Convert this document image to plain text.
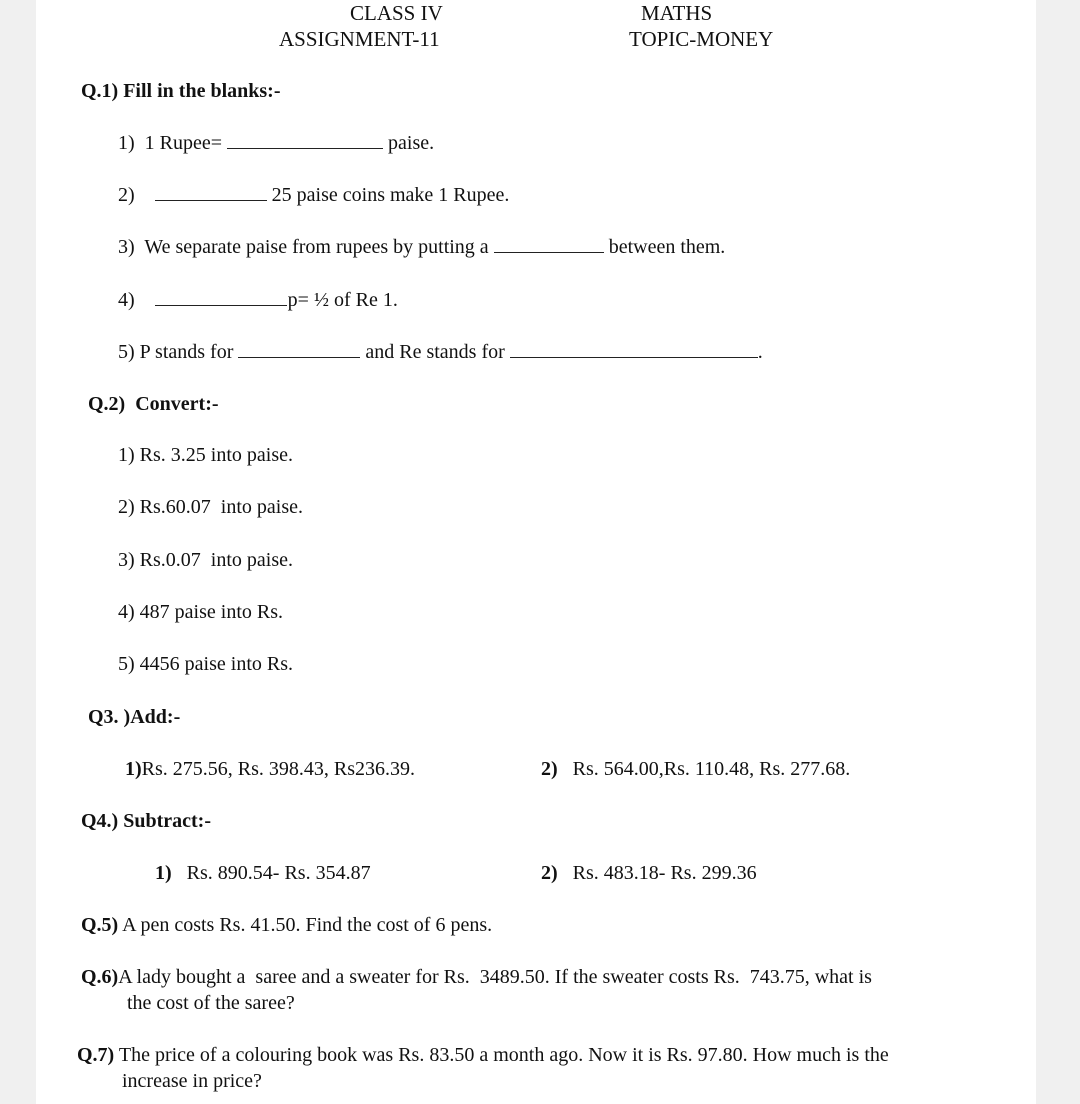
CLASS IV
ASSIGNMENT-11
MATHS
TOPIC-MONEY
Q.1) Fill in the blanks:-
1) 1 Rupee=	paise.
2)	25 paise coins make 1 Rupee.
3) We separate paise from rupees by putting a	between them.
4)	p= ½ of Re 1.
5) P stands for	and Re stands for	.
Q.2) Convert:-
1) Rs. 3.25 into paise.
2) Rs.60.07  into paise.
3) Rs.0.07  into paise.
4) 487 paise into Rs.
5) 4456 paise into Rs.
Q3. )Add:-
1)Rs. 275.56, Rs. 398.43, Rs236.39.	2) Rs. 564.00,Rs. 110.48, Rs. 277.68.
Q4.) Subtract:-
1) Rs. 890.54- Rs. 354.87	2) Rs. 483.18- Rs. 299.36
Q.5) A pen costs Rs. 41.50. Find the cost of 6 pens.
Q.6)A lady bought a  saree and a sweater for Rs.  3489.50. If the sweater costs Rs.  743.75, what is
the cost of the saree?
Q.7) The price of a colouring book was Rs. 83.50 a month ago. Now it is Rs. 97.80. How much is the
increase in price?
